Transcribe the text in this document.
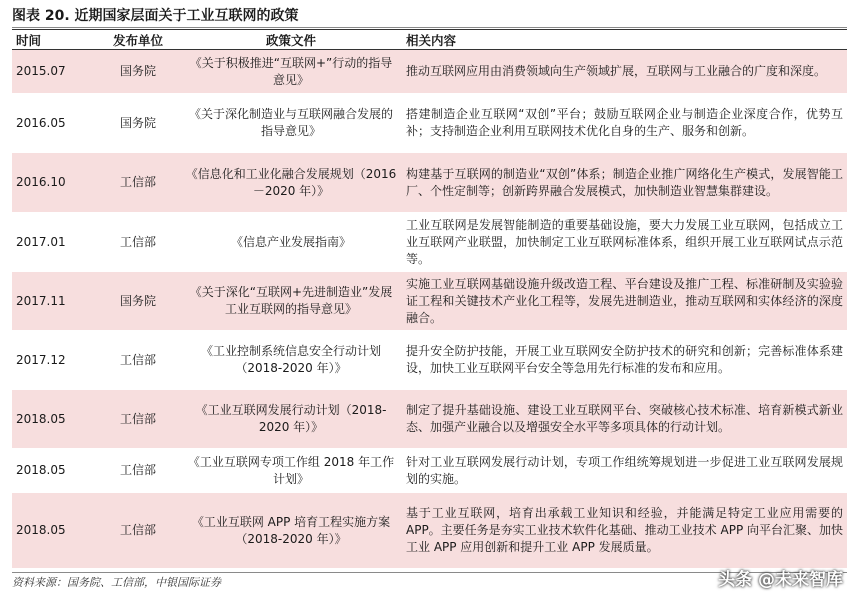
图表 20. 近期国家层面关于工业互联网的政策
时间	发布单位	政策文件	相关内容
2015.07	国务院	《关于积极推进“互联网+”行动的指导意见》	推动互联网应用由消费领域向生产领域扩展，互联网与工业融合的广度和深度。
2016.05	国务院	《关于深化制造业与互联网融合发展的指导意见》	搭建制造企业互联网“双创”平台；鼓励互联网企业与制造企业深度合作，优势互补；支持制造企业利用互联网技术优化自身的生产、服务和创新。
2016.10	工信部	《信息化和工业化融合发展规划（2016－2020 年）》	构建基于互联网的制造业“双创”体系；制造企业推广网络化生产模式，发展智能工厂、个性定制等；创新跨界融合发展模式，加快制造业智慧集群建设。
2017.01	工信部	《信息产业发展指南》	工业互联网是发展智能制造的重要基础设施，要大力发展工业互联网，包括成立工业互联网产业联盟，加快制定工业互联网标准体系，组织开展工业互联网试点示范等。
2017.11	国务院	《关于深化“互联网+先进制造业”发展工业互联网的指导意见》	实施工业互联网基础设施升级改造工程、平台建设及推广工程、标准研制及实验验证工程和关键技术产业化工程等，发展先进制造业，推动互联网和实体经济的深度融合。
2017.12	工信部	《工业控制系统信息安全行动计划（2018-2020 年）》	提升安全防护技能，开展工业互联网安全防护技术的研究和创新；完善标准体系建设，加快工业互联网平台安全等急用先行标准的发布和应用。
2018.05	工信部	《工业互联网发展行动计划（2018-2020 年）》	制定了提升基础设施、建设工业互联网平台、突破核心技术标准、培育新模式新业态、加强产业融合以及增强安全水平等多项具体的行动计划。
2018.05	工信部	《工业互联网专项工作组 2018 年工作计划》	针对工业互联网发展行动计划，专项工作组统筹规划进一步促进工业互联网发展规划的实施。
2018.05	工信部	《工业互联网 APP 培育工程实施方案（2018-2020 年）》	基于工业互联网，培育出承载工业知识和经验，并能满足特定工业应用需要的 APP。主要任务是夯实工业技术软件化基础、推动工业技术 APP 向平台汇聚、加快工业 APP 应用创新和提升工业 APP 发展质量。
资料来源：国务院、工信部，中银国际证券	头条 @未来智库
